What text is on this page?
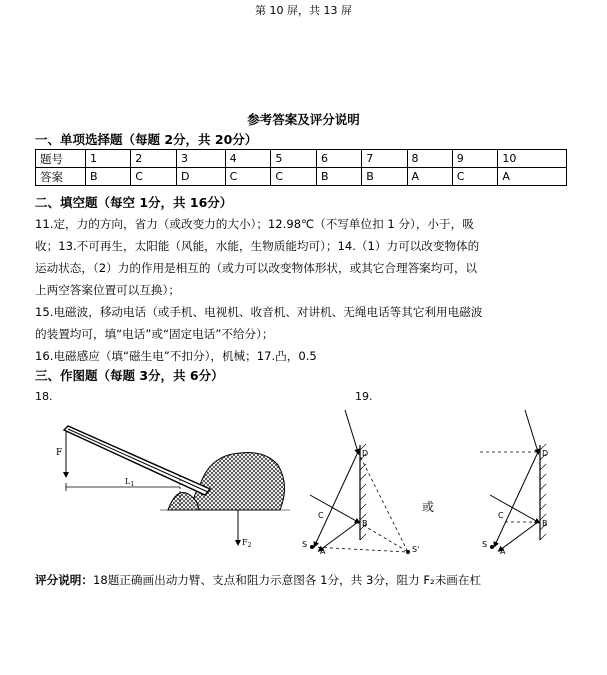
第 10 屏，共 13 屏
参考答案及评分说明
一、单项选择题（每题 2分，共 20分）
题号	1	2	3	4	5	6	7	8	9	10
答案	B	C	D	C	C	B	B	A	C	A
二、填空题（每空 1分，共 16分）
11.定，力的方向，省力（或改变力的大小）；12.98℃（不写单位扣 1 分），小于，吸
收；13.不可再生，太阳能（风能，水能，生物质能均可）；14.（1）力可以改变物体的
运动状态，（2）力的作用是相互的（或力可以改变物体形状，或其它合理答案均可，以
上两空答案位置可以互换）；
15.电磁波，移动电话（或手机、电视机、收音机、对讲机、无绳电话等其它利用电磁波
的装置均可，填“电话”或“固定电话”不给分）；
16.电磁感应（填“磁生电”不扣分），机械；17.凸，0.5
三、作图题（每题 3分，共 6分）
18.	19.
F
$L_1$
$F_2$
D
C
B
S
A	S'
或
D
C
B
S
A
评分说明：18题正确画出动力臂、支点和阻力示意图各 1分，共 3分，阻力 F₂未画在杠
